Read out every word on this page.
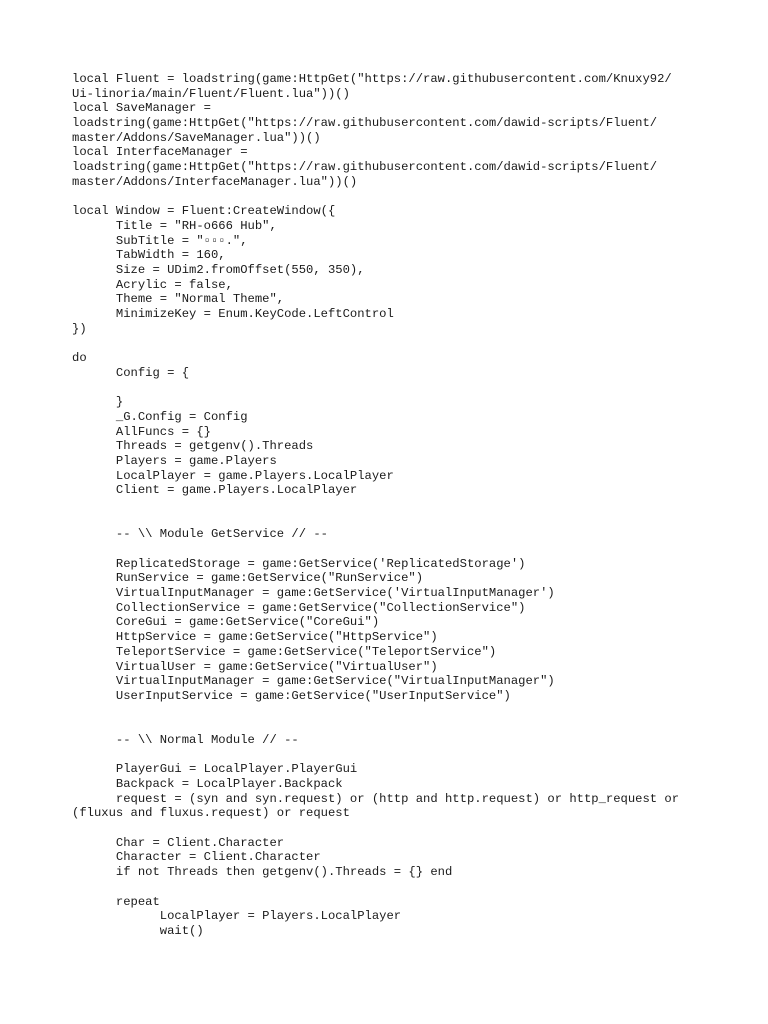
local Fluent = loadstring(game:HttpGet("https://raw.githubusercontent.com/Knuxy92/
Ui-linoria/main/Fluent/Fluent.lua"))()
local SaveManager =
loadstring(game:HttpGet("https://raw.githubusercontent.com/dawid-scripts/Fluent/
master/Addons/SaveManager.lua"))()
local InterfaceManager =
loadstring(game:HttpGet("https://raw.githubusercontent.com/dawid-scripts/Fluent/
master/Addons/InterfaceManager.lua"))()
local Window = Fluent:CreateWindow({
Title = "RH-o666 Hub",
SubTitle = "▫▫▫.",
TabWidth = 160,
Size = UDim2.fromOffset(550, 350),
Acrylic = false,
Theme = "Normal Theme",
MinimizeKey = Enum.KeyCode.LeftControl
})
do
Config = {
}
_G.Config = Config
AllFuncs = {}
Threads = getgenv().Threads
Players = game.Players
LocalPlayer = game.Players.LocalPlayer
Client = game.Players.LocalPlayer
-- \\ Module GetService // --
ReplicatedStorage = game:GetService('ReplicatedStorage')
RunService = game:GetService("RunService")
VirtualInputManager = game:GetService('VirtualInputManager')
CollectionService = game:GetService("CollectionService")
CoreGui = game:GetService("CoreGui")
HttpService = game:GetService("HttpService")
TeleportService = game:GetService("TeleportService")
VirtualUser = game:GetService("VirtualUser")
VirtualInputManager = game:GetService("VirtualInputManager")
UserInputService = game:GetService("UserInputService")
-- \\ Normal Module // --
PlayerGui = LocalPlayer.PlayerGui
Backpack = LocalPlayer.Backpack
request = (syn and syn.request) or (http and http.request) or http_request or
(fluxus and fluxus.request) or request
Char = Client.Character
Character = Client.Character
if not Threads then getgenv().Threads = {} end
repeat
LocalPlayer = Players.LocalPlayer
wait()
